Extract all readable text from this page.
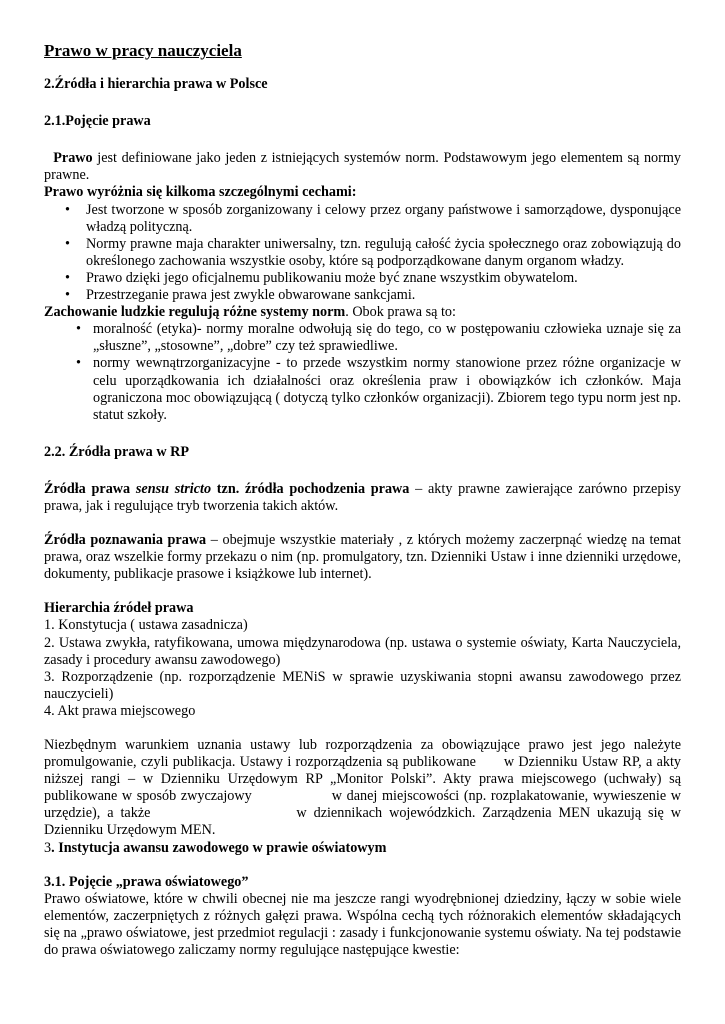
Prawo w pracy nauczyciela

2.Źródła i hierarchia prawa w Polsce

2.1.Pojęcie prawa

Prawo jest definiowane jako jeden z istniejących systemów norm. Podstawowym jego elementem są normy prawne.

Prawo wyróżnia się kilkoma szczególnymi cechami:

• Jest tworzone w sposób zorganizowany i celowy przez organy państwowe i samorządowe, dysponujące władzą polityczną.
• Normy prawne maja charakter uniwersalny, tzn. regulują całość życia społecznego oraz zobowiązują do określonego zachowania wszystkie osoby, które są podporządkowane danym organom władzy.
• Prawo dzięki jego oficjalnemu publikowaniu może być znane wszystkim obywatelom.
• Przestrzeganie prawa jest zwykle obwarowane sankcjami.

Zachowanie ludzkie regulują różne systemy norm. Obok prawa są to:

• moralność (etyka)- normy moralne odwołują się do tego, co w postępowaniu człowieka uznaje się za „słuszne”, „stosowne”, „dobre” czy też sprawiedliwe.
• normy wewnątrzorganizacyjne - to przede wszystkim normy stanowione przez różne organizacje w celu uporządkowania ich działalności oraz określenia praw i obowiązków ich członków. Maja ograniczona moc obowiązującą ( dotyczą tylko członków organizacji). Zbiorem tego typu norm jest np. statut szkoły.

2.2. Źródła prawa w RP

Źródła prawa sensu stricto tzn. źródła pochodzenia prawa – akty prawne zawierające zarówno przepisy prawa, jak i regulujące tryb tworzenia takich aktów.

Źródła poznawania prawa – obejmuje wszystkie materiały , z których możemy zaczerpnąć wiedzę na temat prawa, oraz wszelkie formy przekazu o nim (np. promulgatory, tzn. Dzienniki Ustaw i inne dzienniki urzędowe, dokumenty, publikacje prasowe i książkowe lub internet).

Hierarchia źródeł prawa

1. Konstytucja ( ustawa zasadnicza)

2. Ustawa zwykła, ratyfikowana, umowa międzynarodowa (np. ustawa o systemie oświaty, Karta Nauczyciela, zasady i procedury awansu zawodowego)

3. Rozporządzenie (np. rozporządzenie MENiS w sprawie uzyskiwania stopni awansu zawodowego przez nauczycieli)

4. Akt prawa miejscowego

Niezbędnym warunkiem uznania ustawy lub rozporządzenia za obowiązujące prawo jest jego należyte promulgowanie, czyli publikacja. Ustawy i rozporządzenia są publikowane w Dzienniku Ustaw RP, a akty niższej rangi – w Dzienniku Urzędowym RP „Monitor Polski”. Akty prawa miejscowego (uchwały) są publikowane w sposób zwyczajowy	w danej miejscowości (np. rozplakatowanie, wywieszenie w urzędzie), a także	w dziennikach wojewódzkich. Zarządzenia MEN ukazują się w Dzienniku Urzędowym MEN.

3. Instytucja awansu zawodowego w prawie oświatowym

3.1. Pojęcie „prawa oświatowego”

Prawo oświatowe, które w chwili obecnej nie ma jeszcze rangi wyodrębnionej dziedziny, łączy w sobie wiele elementów, zaczerpniętych z różnych gałęzi prawa. Wspólna cechą tych różnorakich elementów składających się na „prawo oświatowe, jest przedmiot regulacji : zasady i funkcjonowanie systemu oświaty. Na tej podstawie do prawa oświatowego zaliczamy normy regulujące następujące kwestie:
